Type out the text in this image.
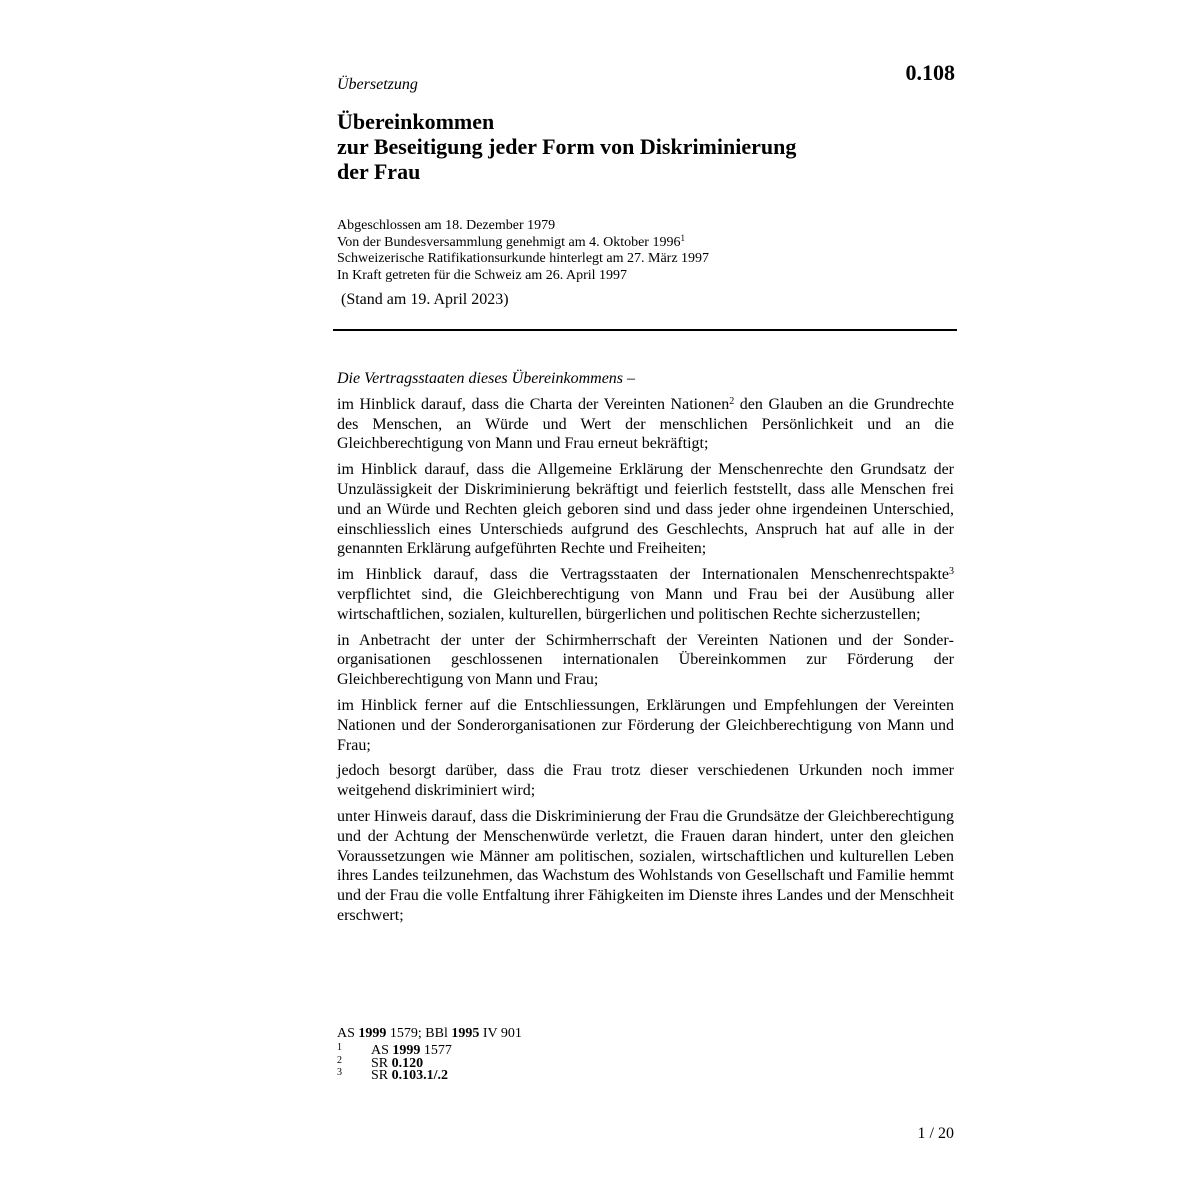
0.108
Übersetzung
Übereinkommen
zur Beseitigung jeder Form von Diskriminierung
der Frau
Abgeschlossen am 18. Dezember 1979
Von der Bundesversammlung genehmigt am 4. Oktober 1996$^1$
Schweizerische Ratifikationsurkunde hinterlegt am 27. März 1997
In Kraft getreten für die Schweiz am 26. April 1997
(Stand am 19. April 2023)

Die Vertragsstaaten dieses Übereinkommens –

im Hinblick darauf, dass die Charta der Vereinten Nationen$^2$ den Glauben an die Grundrechte des Menschen, an Würde und Wert der menschlichen Persönlichkeit und an die Gleichberechtigung von Mann und Frau erneut bekräftigt;

im Hinblick darauf, dass die Allgemeine Erklärung der Menschenrechte den Grundsatz der Unzulässigkeit der Diskriminierung bekräftigt und feierlich feststellt, dass alle Menschen frei und an Würde und Rechten gleich geboren sind und dass jeder ohne irgendeinen Unterschied, einschliesslich eines Unterschieds aufgrund des Geschlechts, Anspruch hat auf alle in der genannten Erklärung aufgeführten Rechte und Freiheiten;

im Hinblick darauf, dass die Vertragsstaaten der Internationalen Menschenrechtspakte$^3$ verpflichtet sind, die Gleichberechtigung von Mann und Frau bei der Ausübung aller wirtschaftlichen, sozialen, kulturellen, bürgerlichen und politischen Rechte sicherzustellen;

in Anbetracht der unter der Schirmherrschaft der Vereinten Nationen und der Sonderorganisationen geschlossenen internationalen Übereinkommen zur Förderung der Gleichberechtigung von Mann und Frau;

im Hinblick ferner auf die Entschliessungen, Erklärungen und Empfehlungen der Vereinten Nationen und der Sonderorganisationen zur Förderung der Gleichberechtigung von Mann und Frau;

jedoch besorgt darüber, dass die Frau trotz dieser verschiedenen Urkunden noch immer weitgehend diskriminiert wird;

unter Hinweis darauf, dass die Diskriminierung der Frau die Grundsätze der Gleichberechtigung und der Achtung der Menschenwürde verletzt, die Frauen daran hindert, unter den gleichen Voraussetzungen wie Männer am politischen, sozialen, wirtschaftlichen und kulturellen Leben ihres Landes teilzunehmen, das Wachstum des Wohlstands von Gesellschaft und Familie hemmt und der Frau die volle Entfaltung ihrer Fähigkeiten im Dienste ihres Landes und der Menschheit erschwert;

AS 1999 1579; BBl 1995 IV 901
1	AS 1999 1577
2	SR 0.120
3	SR 0.103.1/.2
1 / 20
